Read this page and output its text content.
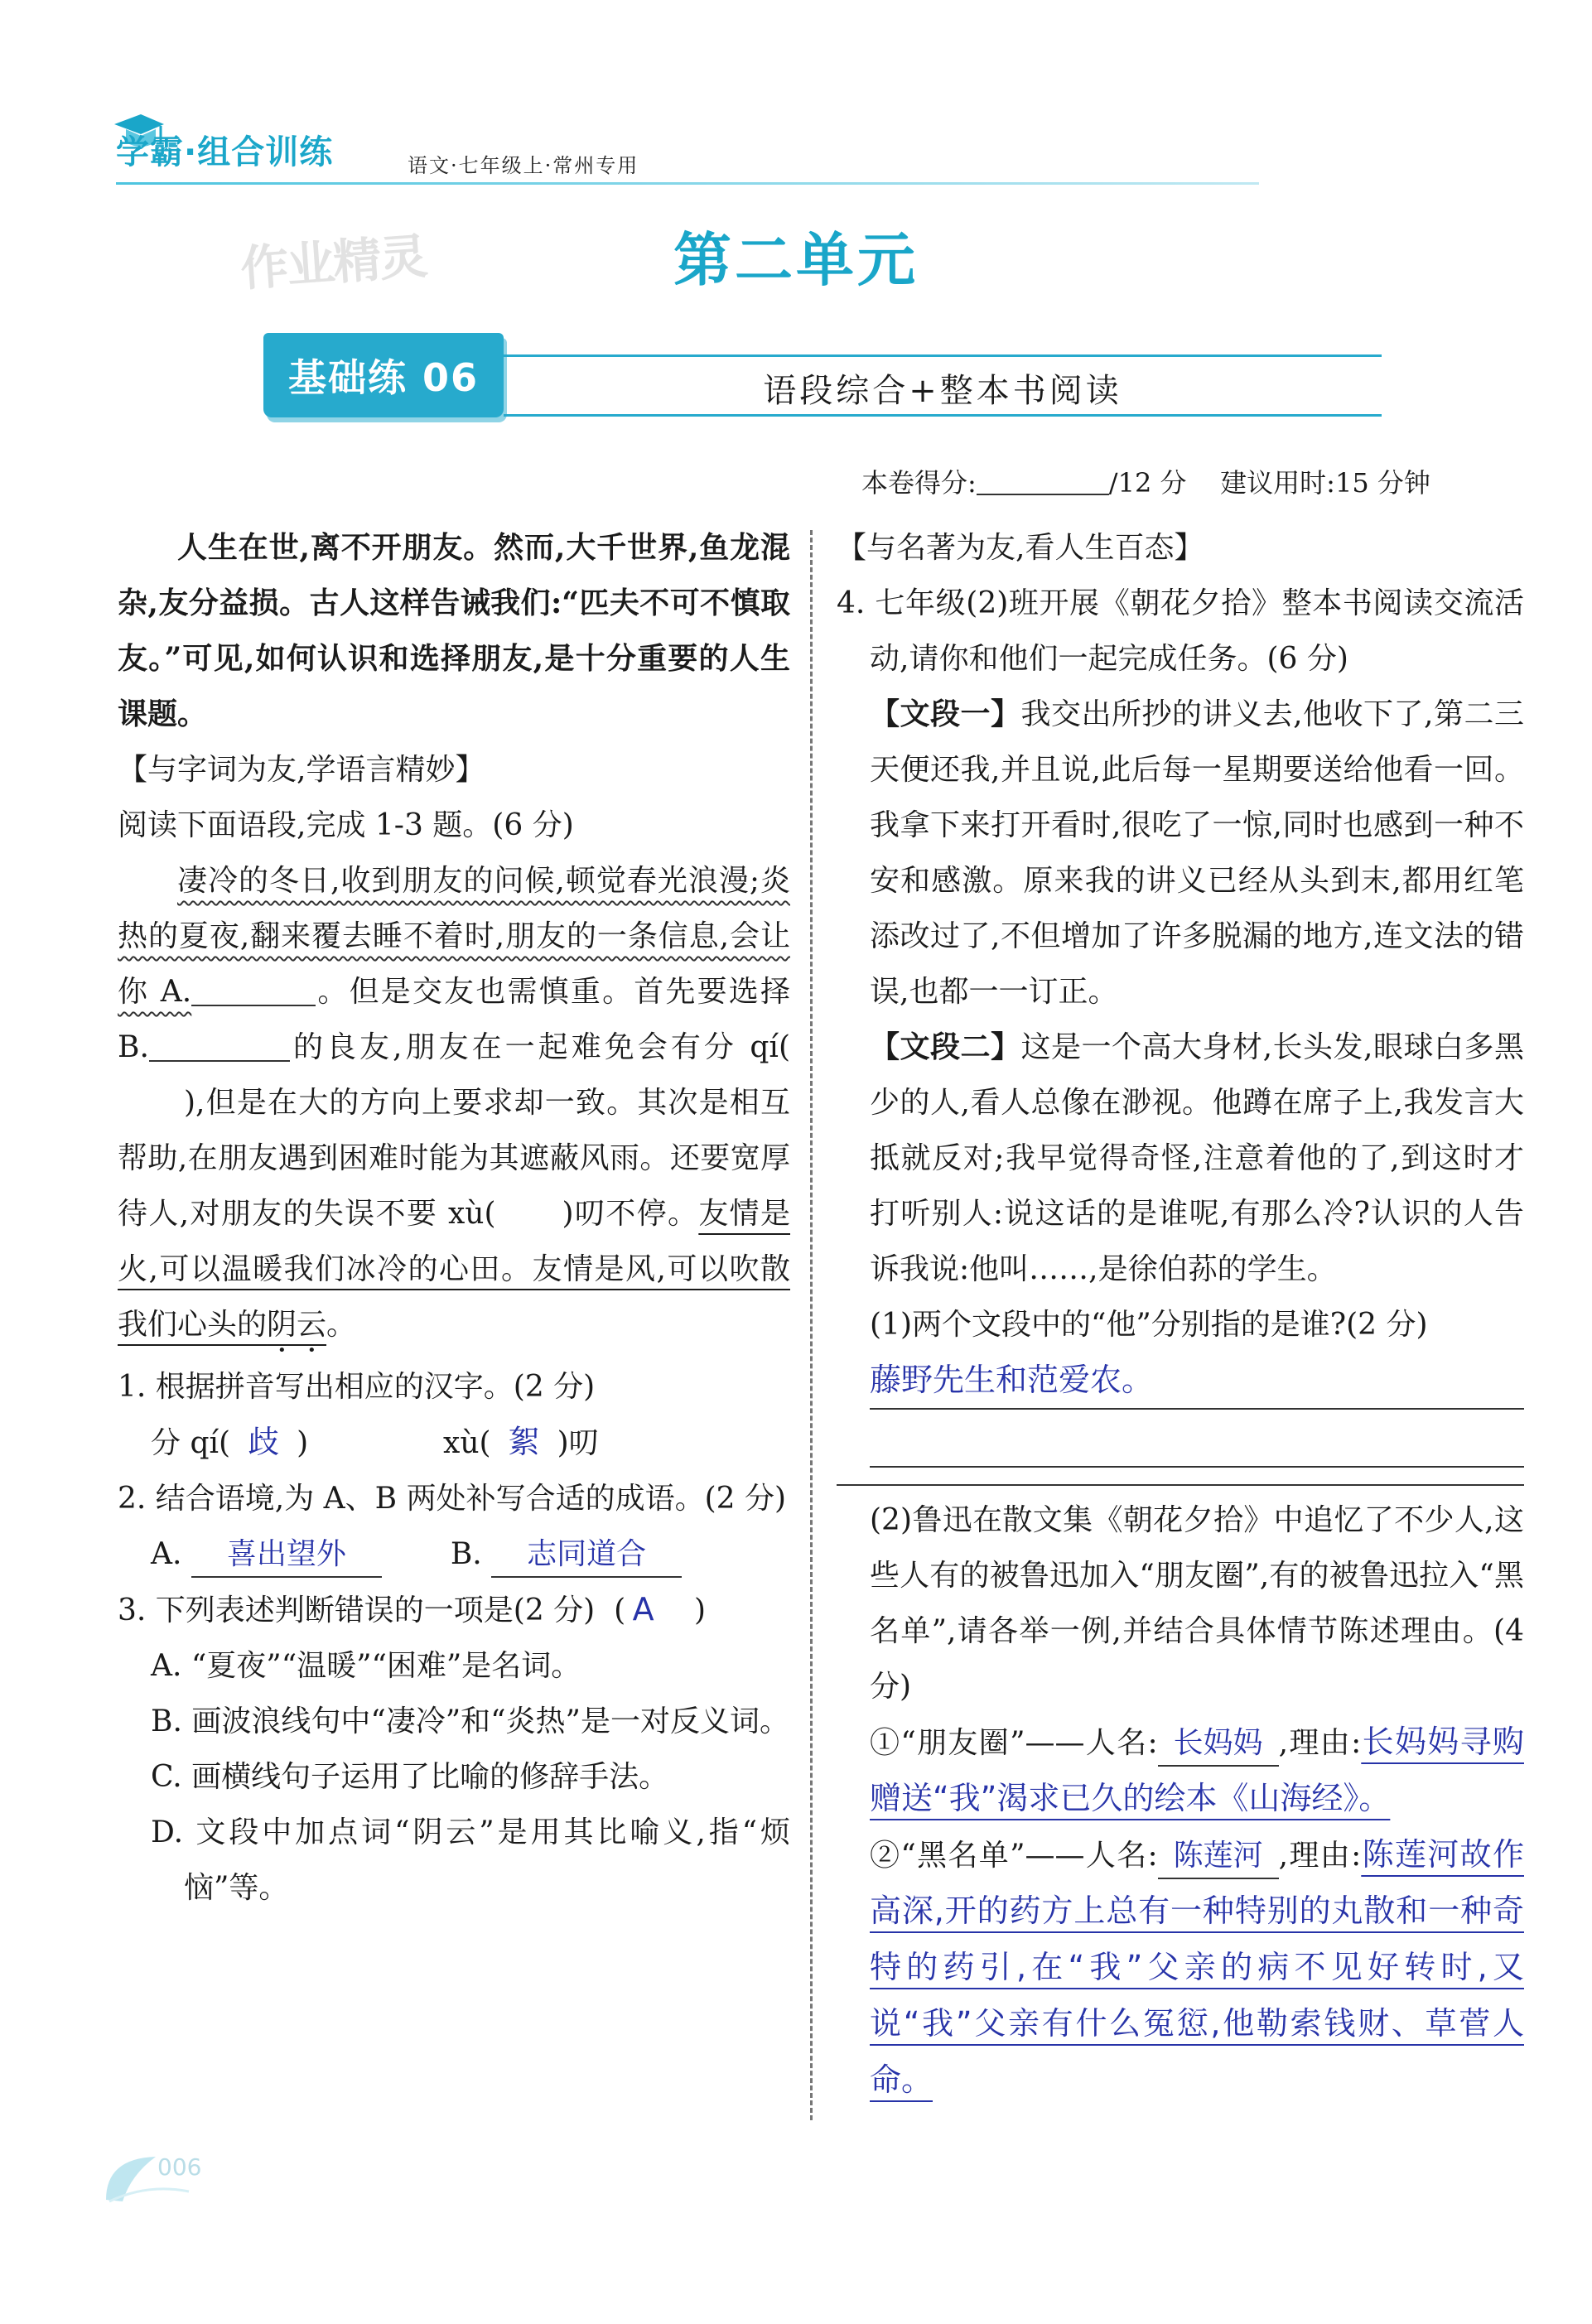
学霸·组合训练	语文·七年级上·常州专用
作业精灵	第二单元
基础练 06	语段综合+整本书阅读
本卷得分:	/12 分 建议用时:15 分钟

人生在世,离不开朋友。然而,大千世界,鱼龙混杂,友分益损。古人这样告诫我们:“匹夫不可不慎取友。”可见,如何认识和选择朋友,是十分重要的人生课题。

【与字词为友,学语言精妙】

阅读下面语段,完成 1-3 题。(6 分)

凄冷的冬日,收到朋友的问候,顿觉春光浪漫;炎热的夏夜,翻来覆去睡不着时,朋友的一条信息,会让你 A.	。但是交友也需慎重。首先要选择 B.	的良友,朋友在一起难免会有分 qí(),但是在大的方向上要求却一致。其次是相互帮助,在朋友遇到困难时能为其遮蔽风雨。还要宽厚待人,对朋友的失误不要 xù( )叨不停。友情是火,可以温暖我们冰冷的心田。友情是风,可以吹散我们心头的阴云。

1. 根据拼音写出相应的汉字。(2 分)

分 qí( 歧 )	xù( 絮 )叨

2. 结合语境,为 A、B 两处补写合适的成语。(2 分)

A. 喜出望外	B. 志同道合

3. 下列表述判断错误的一项是(2 分)  ( A )

A. “夏夜”“温暖”“困难”是名词。

B. 画波浪线句中“凄冷”和“炎热”是一对反义词。

C. 画横线句子运用了比喻的修辞手法。

D. 文段中加点词“阴云”是用其比喻义,指“烦恼”等。

【与名著为友,看人生百态】

4. 七年级(2)班开展《朝花夕拾》整本书阅读交流活动,请你和他们一起完成任务。(6 分)

【文段一】我交出所抄的讲义去,他收下了,第二三天便还我,并且说,此后每一星期要送给他看一回。我拿下来打开看时,很吃了一惊,同时也感到一种不安和感激。原来我的讲义已经从头到末,都用红笔添改过了,不但增加了许多脱漏的地方,连文法的错误,也都一一订正。

【文段二】这是一个高大身材,长头发,眼球白多黑少的人,看人总像在渺视。他蹲在席子上,我发言大抵就反对;我早觉得奇怪,注意着他的了,到这时才打听别人:说这话的是谁呢,有那么冷?认识的人告诉我说:他叫……,是徐伯荪的学生。

(1)两个文段中的“他”分别指的是谁?(2 分)

藤野先生和范爱农。

(2)鲁迅在散文集《朝花夕拾》中追忆了不少人,这些人有的被鲁迅加入“朋友圈”,有的被鲁迅拉入“黑名单”,请各举一例,并结合具体情节陈述理由。(4 分)

①“朋友圈”——人名: 长妈妈 ,理由:长妈妈寻购赠送“我”渴求已久的绘本《山海经》。

②“黑名单”——人名: 陈莲河 ,理由:陈莲河故作高深,开的药方上总有一种特别的丸散和一种奇特的药引,在“我”父亲的病不见好转时,又说“我”父亲有什么冤愆,他勒索钱财、草菅人命。

006
